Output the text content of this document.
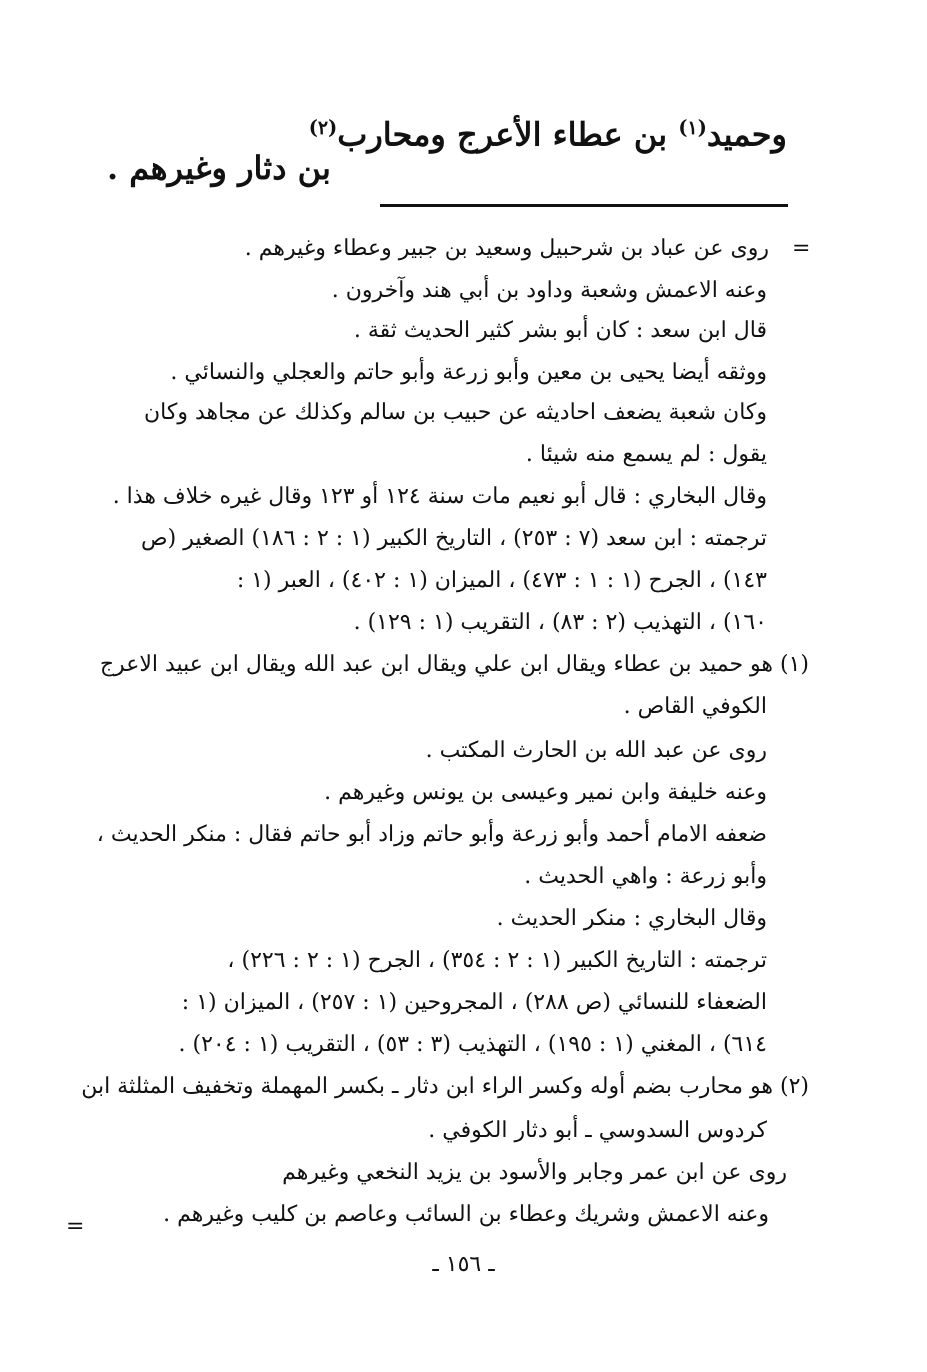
وحميد$^{(١)}$ بن عطاء الأعرج ومحارب$^{(٢)}$
بن دثار وغيرهم .
=
روى عن عباد بن شرحبيل وسعيد بن جبير وعطاء وغيرهم .
وعنه الاعمش وشعبة وداود بن أبي هند وآخرون .
قال ابن سعد : كان أبو بشر كثير الحديث ثقة .
ووثقه أيضا يحيى بن معين وأبو زرعة وأبو حاتم والعجلي والنسائي .
وكان شعبة يضعف احاديثه عن حبيب بن سالم وكذلك عن مجاهد وكان
يقول : لم يسمع منه شيئا .
وقال البخاري : قال أبو نعيم مات سنة ١٢٤ أو ١٢٣ وقال غيره خلاف هذا .
ترجمته : ابن سعد (٧ : ٢٥٣) ، التاريخ الكبير (١ : ٢ : ١٨٦) الصغير (ص
١٤٣) ، الجرح (١ : ١ : ٤٧٣) ، الميزان (١ : ٤٠٢) ، العبر (١ :
١٦٠) ، التهذيب (٢ : ٨٣) ، التقريب (١ : ١٢٩) .
(١) هو حميد بن عطاء ويقال ابن علي ويقال ابن عبد الله ويقال ابن عبيد الاعرج
الكوفي القاص .
روى عن عبد الله بن الحارث المكتب .
وعنه خليفة وابن نمير وعيسى بن يونس وغيرهم .
ضعفه الامام أحمد وأبو زرعة وأبو حاتم وزاد أبو حاتم فقال : منكر الحديث ،
وأبو زرعة : واهي الحديث .
وقال البخاري : منكر الحديث .
ترجمته : التاريخ الكبير (١ : ٢ : ٣٥٤) ، الجرح (١ : ٢ : ٢٢٦) ،
الضعفاء للنسائي (ص ٢٨٨) ، المجروحين (١ : ٢٥٧) ، الميزان (١ :
٦١٤) ، المغني (١ : ١٩٥) ، التهذيب (٣ : ٥٣) ، التقريب (١ : ٢٠٤) .
(٢) هو محارب بضم أوله وكسر الراء ابن دثار ـ بكسر المهملة وتخفيف المثلثة ابن
كردوس السدوسي ـ أبو دثار الكوفي .
روى عن ابن عمر وجابر والأسود بن يزيد النخعي وغيرهم
وعنه الاعمش وشريك وعطاء بن السائب وعاصم بن كليب وغيرهم .
=
ـ ١٥٦ ـ
